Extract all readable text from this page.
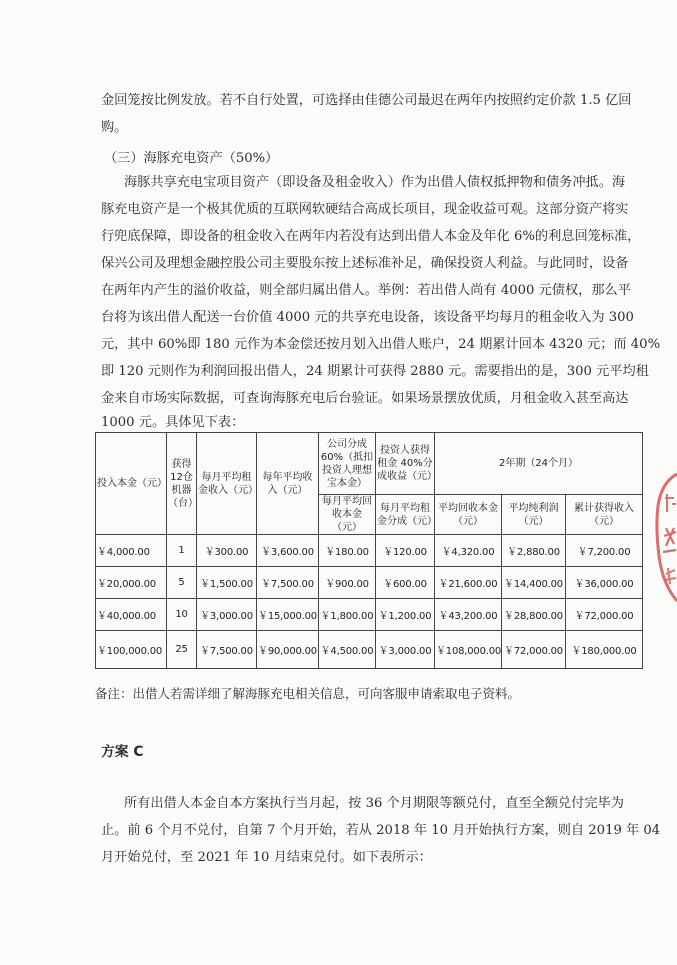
金回笼按比例发放。若不自行处置，可选择由佳德公司最迟在两年内按照约定价款 1.5 亿回

购。

（三）海豚充电资产（50%）

海豚共享充电宝项目资产（即设备及租金收入）作为出借人债权抵押物和债务冲抵。海

豚充电资产是一个极其优质的互联网软硬结合高成长项目，现金收益可观。这部分资产将实

行兜底保障，即设备的租金收入在两年内若没有达到出借人本金及年化 6%的利息回笼标准，

保兴公司及理想金融控股公司主要股东按上述标准补足，确保投资人利益。与此同时，设备

在两年内产生的溢价收益，则全部归属出借人。举例：若出借人尚有 4000 元债权，那么平

台将为该出借人配送一台价值 4000 元的共享充电设备，该设备平均每月的租金收入为 300

元，其中 60%即 180 元作为本金偿还按月划入出借人账户，24 期累计回本 4320 元；而 40%

即 120 元则作为利润回报出借人，24 期累计可获得 2880 元。需要指出的是，300 元平均租

金来自市场实际数据，可查询海豚充电后台验证。如果场景摆放优质，月租金收入甚至高达

1000 元。具体见下表：

投入本金（元）	获得12仓机器（台）	每月平均租金收入（元）	每年平均收入（元）	公司分成60%（抵扣投资人理想宝本金）	投资人获得租金 40%分成收益（元）	2年期（24个月）		
				每月平均回收本金（元）	每月平均租金分成（元）	平均回收本金（元）	平均纯利润（元）	累计获得收入（元）
￥4,000.00	1	￥300.00	￥3,600.00	￥180.00	￥120.00	￥4,320.00	￥2,880.00	￥7,200.00
￥20,000.00	5	￥1,500.00	￥7,500.00	￥900.00	￥600.00	￥21,600.00	￥14,400.00	￥36,000.00
￥40,000.00	10	￥3,000.00	￥15,000.00	￥1,800.00	￥1,200.00	￥43,200.00	￥28,800.00	￥72,000.00
￥100,000.00	25	￥7,500.00	￥90,000.00	￥4,500.00	￥3,000.00	￥108,000.00	￥72,000.00	￥180,000.00

备注：出借人若需详细了解海豚充电相关信息，可向客服申请索取电子资料。

方案 C

所有出借人本金自本方案执行当月起，按 36 个月期限等额兑付，直至全额兑付完毕为

止。前 6 个月不兑付，自第 7 个月开始，若从 2018 年 10 月开始执行方案，则自 2019 年 04

月开始兑付，至 2021 年 10 月结束兑付。如下表所示：
